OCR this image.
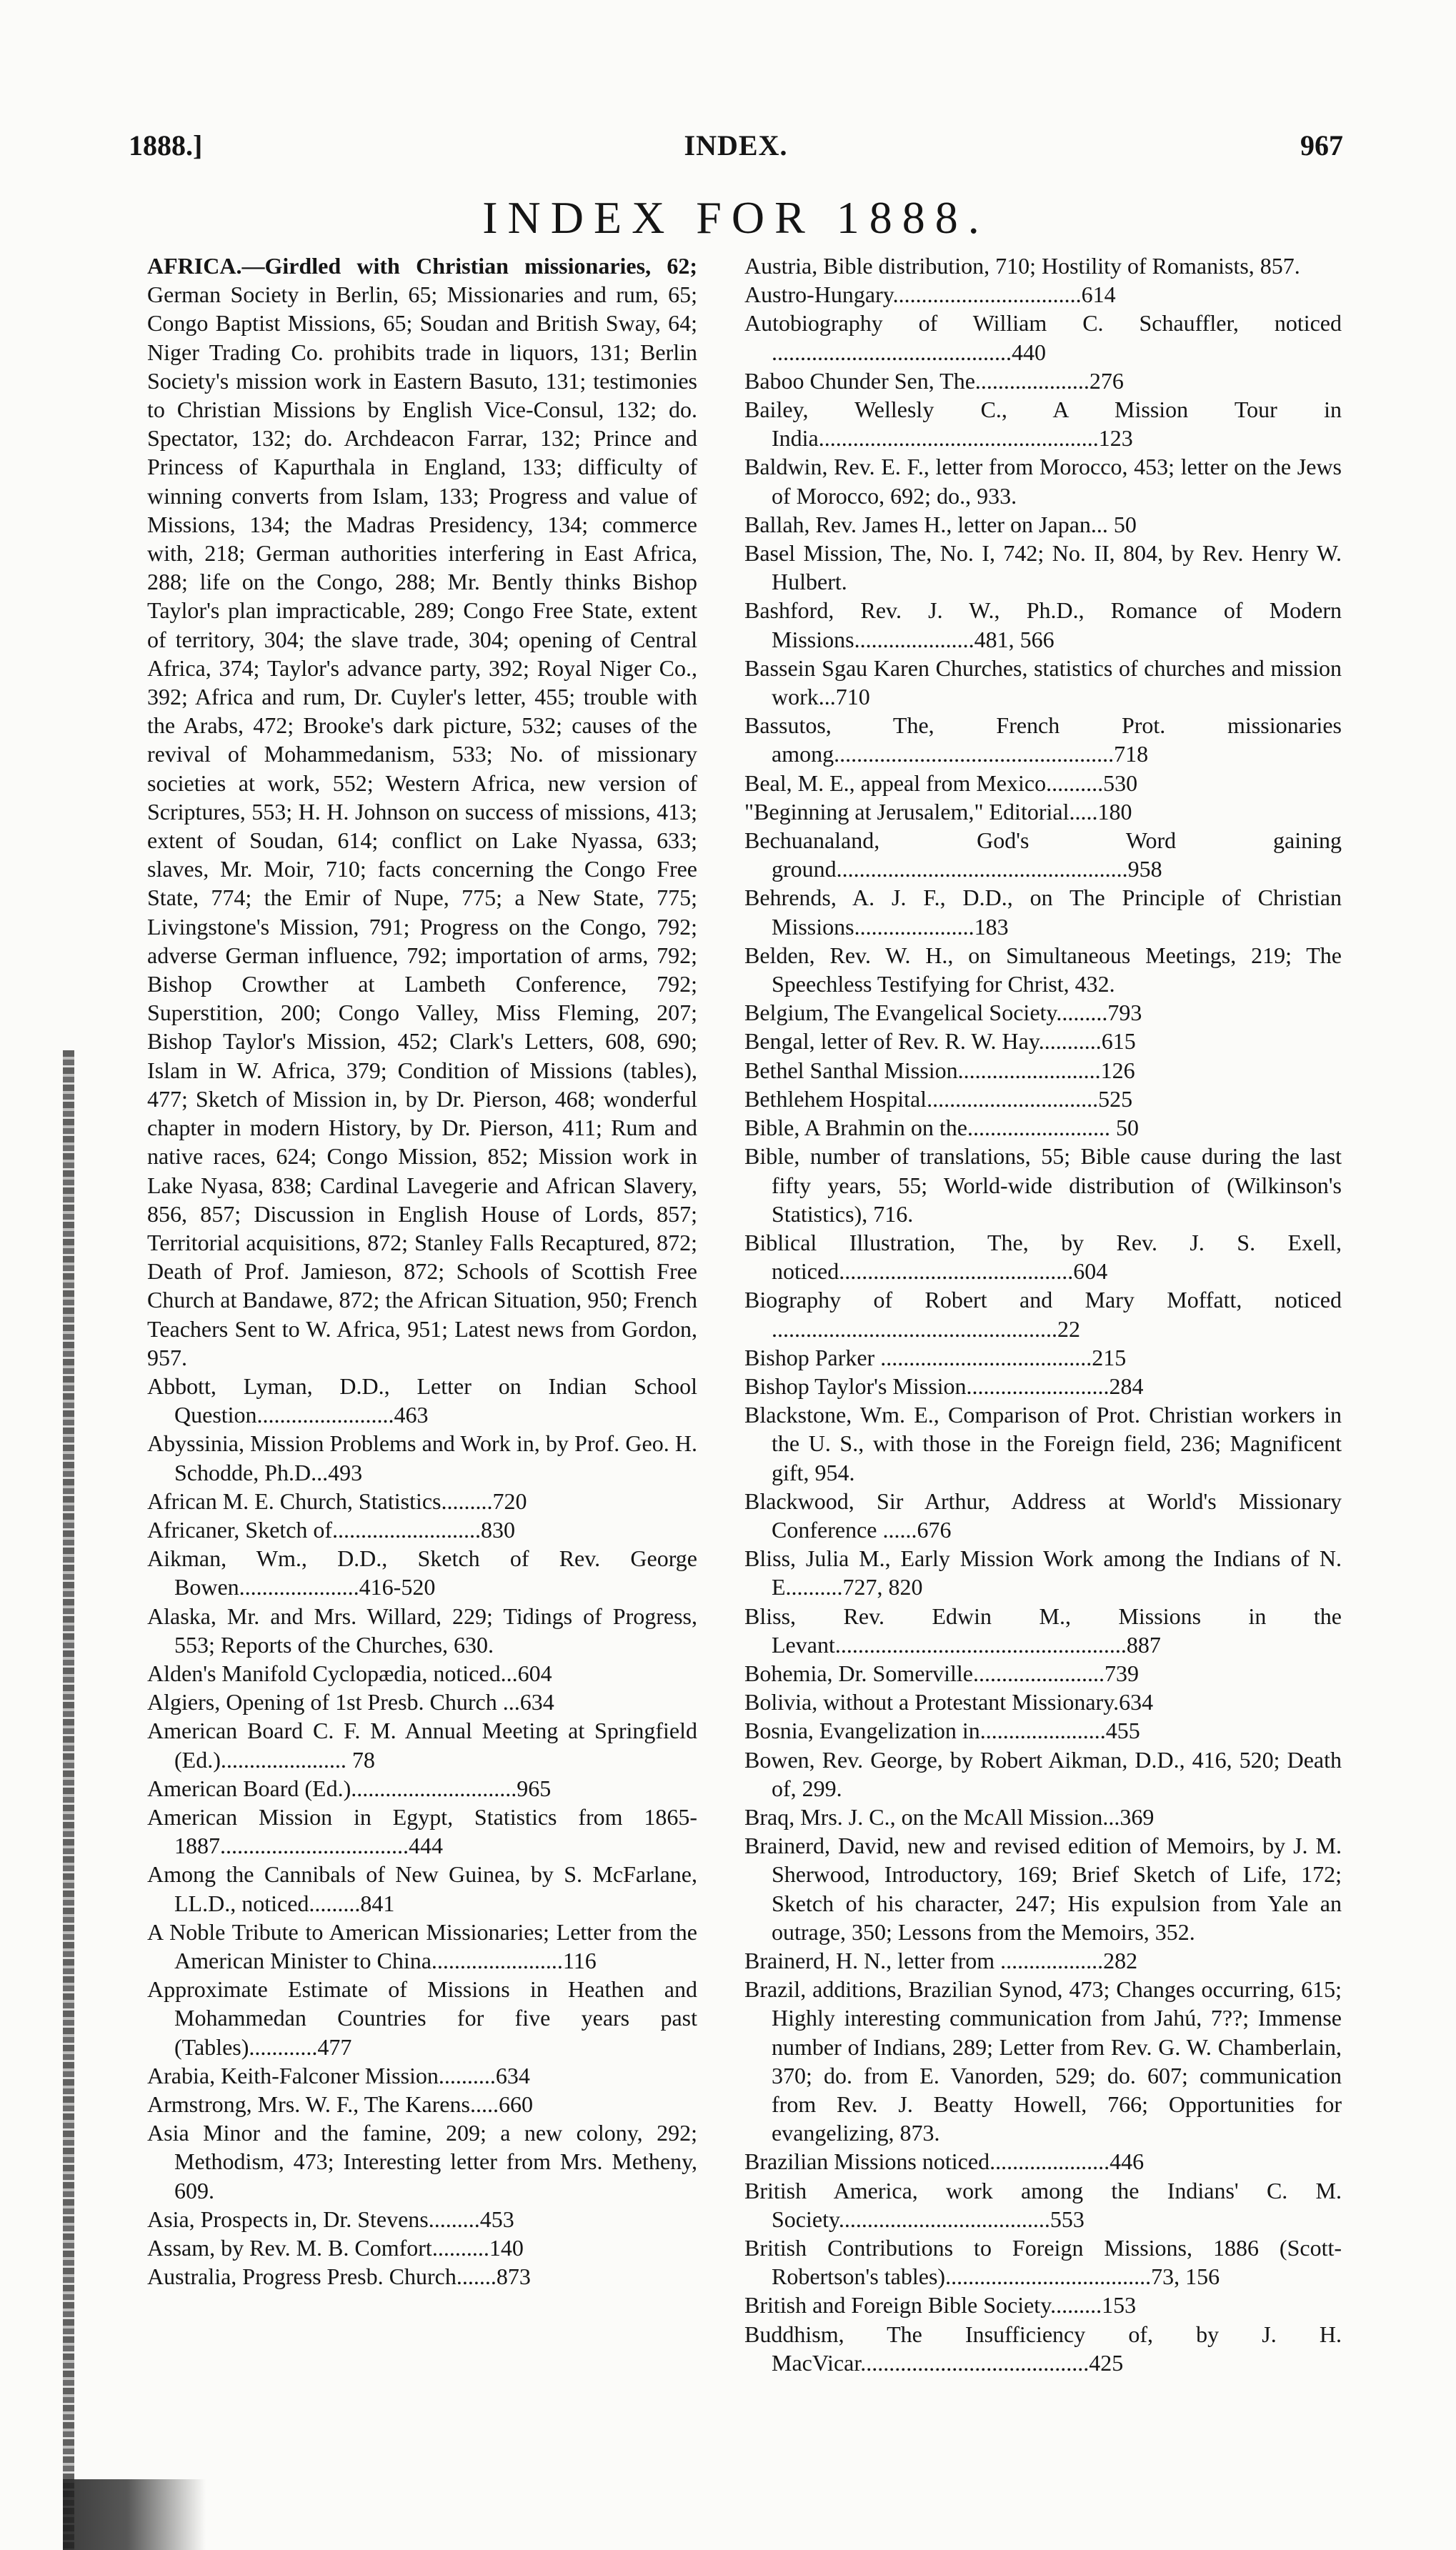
1888.]	INDEX.	967
INDEX FOR 1888.
AFRICA.—Girdled with Christian missionaries, 62; German Society in Berlin, 65; Missionaries and rum, 65; Congo Baptist Missions, 65; Soudan and British Sway, 64; Niger Trading Co. prohibits trade in liquors, 131; Berlin Society's mission work in Eastern Basuto, 131; testimonies to Christian Missions by English Vice-Consul, 132; do. Spectator, 132; do. Archdeacon Farrar, 132; Prince and Princess of Kapurthala in England, 133; difficulty of winning converts from Islam, 133; Progress and value of Missions, 134; the Madras Presidency, 134; commerce with, 218; German authorities interfering in East Africa, 288; life on the Congo, 288; Mr. Bently thinks Bishop Taylor's plan impracticable, 289; Congo Free State, extent of territory, 304; the slave trade, 304; opening of Central Africa, 374; Taylor's advance party, 392; Royal Niger Co., 392; Africa and rum, Dr. Cuyler's letter, 455; trouble with the Arabs, 472; Brooke's dark picture, 532; causes of the revival of Mohammedanism, 533; No. of missionary societies at work, 552; Western Africa, new version of Scriptures, 553; H. H. Johnson on success of missions, 413; extent of Soudan, 614; conflict on Lake Nyassa, 633; slaves, Mr. Moir, 710; facts concerning the Congo Free State, 774; the Emir of Nupe, 775; a New State, 775; Livingstone's Mission, 791; Progress on the Congo, 792; adverse German influence, 792; importation of arms, 792; Bishop Crowther at Lambeth Conference, 792; Superstition, 200; Congo Valley, Miss Fleming, 207; Bishop Taylor's Mission, 452; Clark's Letters, 608, 690; Islam in W. Africa, 379; Condition of Missions (tables), 477; Sketch of Mission in, by Dr. Pierson, 468; wonderful chapter in modern History, by Dr. Pierson, 411; Rum and native races, 624; Congo Mission, 852; Mission work in Lake Nyasa, 838; Cardinal Lavegerie and African Slavery, 856, 857; Discussion in English House of Lords, 857; Territorial acquisitions, 872; Stanley Falls Recaptured, 872; Death of Prof. Jamieson, 872; Schools of Scottish Free Church at Bandawe, 872; the African Situation, 950; French Teachers Sent to W. Africa, 951; Latest news from Gordon, 957.
Abbott, Lyman, D.D., Letter on Indian School Question........................463
Abyssinia, Mission Problems and Work in, by Prof. Geo. H. Schodde, Ph.D...493
African M. E. Church, Statistics.........720
Africaner, Sketch of..........................830
Aikman, Wm., D.D., Sketch of Rev. George Bowen.....................416-520
Alaska, Mr. and Mrs. Willard, 229; Tidings of Progress, 553; Reports of the Churches, 630.
Alden's Manifold Cyclopædia, noticed...604
Algiers, Opening of 1st Presb. Church ...634
American Board C. F. M. Annual Meeting at Springfield (Ed.)...................... 78
American Board (Ed.).............................965
American Mission in Egypt, Statistics from 1865-1887.................................444
Among the Cannibals of New Guinea, by S. McFarlane, LL.D., noticed.........841
A Noble Tribute to American Missionaries; Letter from the American Minister to China.......................116
Approximate Estimate of Missions in Heathen and Mohammedan Countries for five years past (Tables)............477
Arabia, Keith-Falconer Mission..........634
Armstrong, Mrs. W. F., The Karens.....660
Asia Minor and the famine, 209; a new colony, 292; Methodism, 473; Interesting letter from Mrs. Metheny, 609.
Asia, Prospects in, Dr. Stevens.........453
Assam, by Rev. M. B. Comfort..........140
Australia, Progress Presb. Church.......873
Austria, Bible distribution, 710; Hostility of Romanists, 857.
Austro-Hungary.................................614
Autobiography of William C. Schauffler, noticed ..........................................440
Baboo Chunder Sen, The....................276
Bailey, Wellesly C., A Mission Tour in India.................................................123
Baldwin, Rev. E. F., letter from Morocco, 453; letter on the Jews of Morocco, 692; do., 933.
Ballah, Rev. James H., letter on Japan... 50
Basel Mission, The, No. I, 742; No. II, 804, by Rev. Henry W. Hulbert.
Bashford, Rev. J. W., Ph.D., Romance of Modern Missions.....................481, 566
Bassein Sgau Karen Churches, statistics of churches and mission work...710
Bassutos, The, French Prot. missionaries among.................................................718
Beal, M. E., appeal from Mexico..........530
"Beginning at Jerusalem," Editorial.....180
Bechuanaland, God's Word gaining ground...................................................958
Behrends, A. J. F., D.D., on The Principle of Christian Missions.....................183
Belden, Rev. W. H., on Simultaneous Meetings, 219; The Speechless Testifying for Christ, 432.
Belgium, The Evangelical Society.........793
Bengal, letter of Rev. R. W. Hay...........615
Bethel Santhal Mission.........................126
Bethlehem Hospital..............................525
Bible, A Brahmin on the......................... 50
Bible, number of translations, 55; Bible cause during the last fifty years, 55; World-wide distribution of (Wilkinson's Statistics), 716.
Biblical Illustration, The, by Rev. J. S. Exell, noticed.........................................604
Biography of Robert and Mary Moffatt, noticed ..................................................22
Bishop Parker .....................................215
Bishop Taylor's Mission.........................284
Blackstone, Wm. E., Comparison of Prot. Christian workers in the U. S., with those in the Foreign field, 236; Magnificent gift, 954.
Blackwood, Sir Arthur, Address at World's Missionary Conference ......676
Bliss, Julia M., Early Mission Work among the Indians of N. E..........727, 820
Bliss, Rev. Edwin M., Missions in the Levant...................................................887
Bohemia, Dr. Somerville.......................739
Bolivia, without a Protestant Missionary.634
Bosnia, Evangelization in......................455
Bowen, Rev. George, by Robert Aikman, D.D., 416, 520; Death of, 299.
Braq, Mrs. J. C., on the McAll Mission...369
Brainerd, David, new and revised edition of Memoirs, by J. M. Sherwood, Introductory, 169; Brief Sketch of Life, 172; Sketch of his character, 247; His expulsion from Yale an outrage, 350; Lessons from the Memoirs, 352.
Brainerd, H. N., letter from ..................282
Brazil, additions, Brazilian Synod, 473; Changes occurring, 615; Highly interesting communication from Jahú, 7??; Immense number of Indians, 289; Letter from Rev. G. W. Chamberlain, 370; do. from E. Vanorden, 529; do. 607; communication from Rev. J. Beatty Howell, 766; Opportunities for evangelizing, 873.
Brazilian Missions noticed.....................446
British America, work among the Indians' C. M. Society.....................................553
British Contributions to Foreign Missions, 1886 (Scott-Robertson's tables)....................................73, 156
British and Foreign Bible Society.........153
Buddhism, The Insufficiency of, by J. H. MacVicar........................................425
